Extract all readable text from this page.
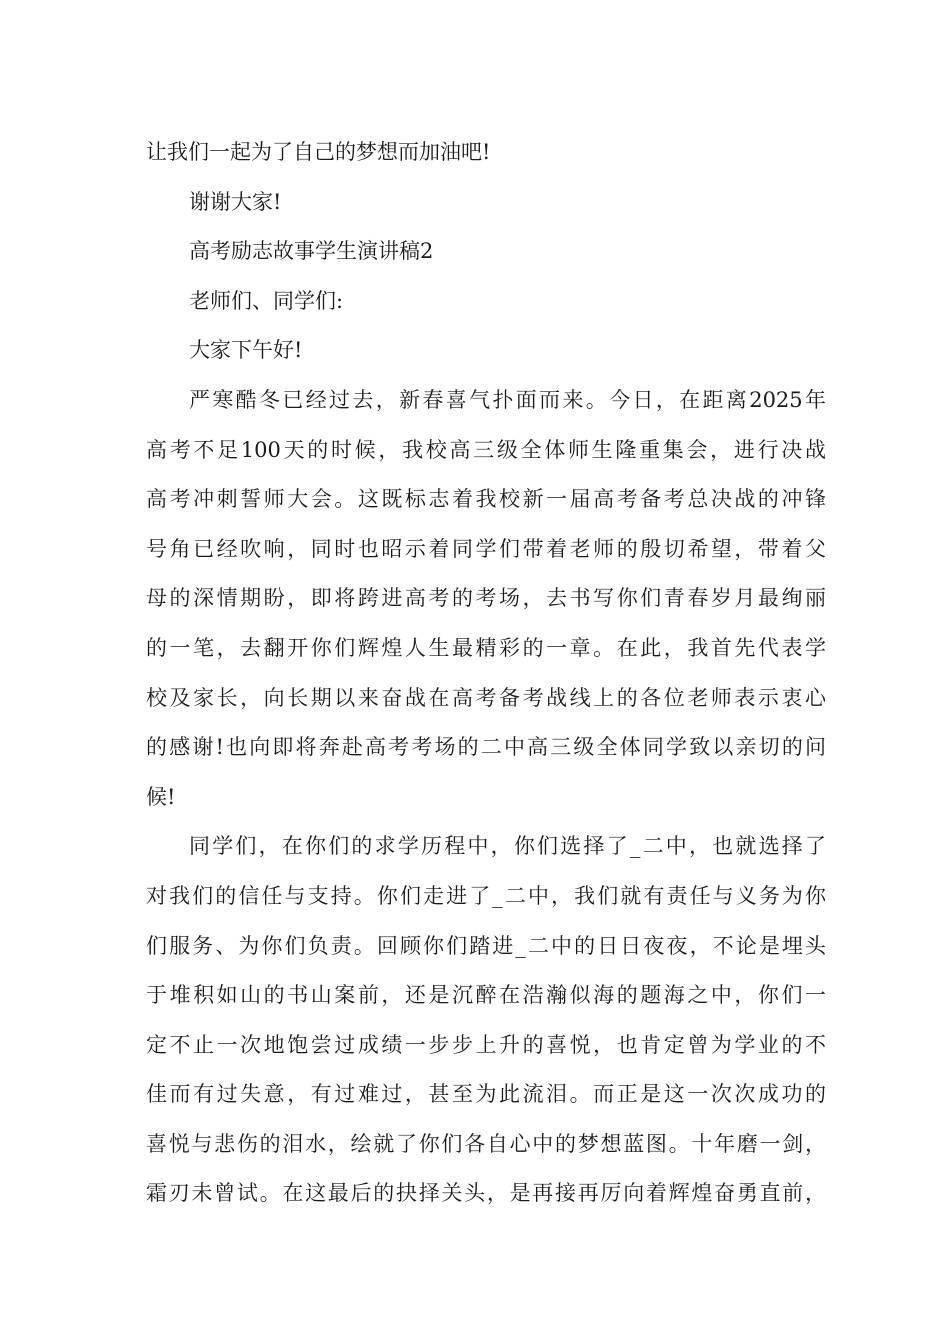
让我们一起为了自己的梦想而加油吧!
谢谢大家!
高考励志故事学生演讲稿2
老师们、同学们:
大家下午好!
严寒酷冬已经过去，新春喜气扑面而来。今日，在距离2025年
高考不足100天的时候，我校高三级全体师生隆重集会，进行决战
高考冲刺誓师大会。这既标志着我校新一届高考备考总决战的冲锋
号角已经吹响，同时也昭示着同学们带着老师的殷切希望，带着父
母的深情期盼，即将跨进高考的考场，去书写你们青春岁月最绚丽
的一笔，去翻开你们辉煌人生最精彩的一章。在此，我首先代表学
校及家长，向长期以来奋战在高考备考战线上的各位老师表示衷心
的感谢!也向即将奔赴高考考场的二中高三级全体同学致以亲切的问
候!
同学们，在你们的求学历程中，你们选择了_二中，也就选择了
对我们的信任与支持。你们走进了_二中，我们就有责任与义务为你
们服务、为你们负责。回顾你们踏进_二中的日日夜夜，不论是埋头
于堆积如山的书山案前，还是沉醉在浩瀚似海的题海之中，你们一
定不止一次地饱尝过成绩一步步上升的喜悦，也肯定曾为学业的不
佳而有过失意，有过难过，甚至为此流泪。而正是这一次次成功的
喜悦与悲伤的泪水，绘就了你们各自心中的梦想蓝图。十年磨一剑，
霜刃未曾试。在这最后的抉择关头，是再接再厉向着辉煌奋勇直前，
